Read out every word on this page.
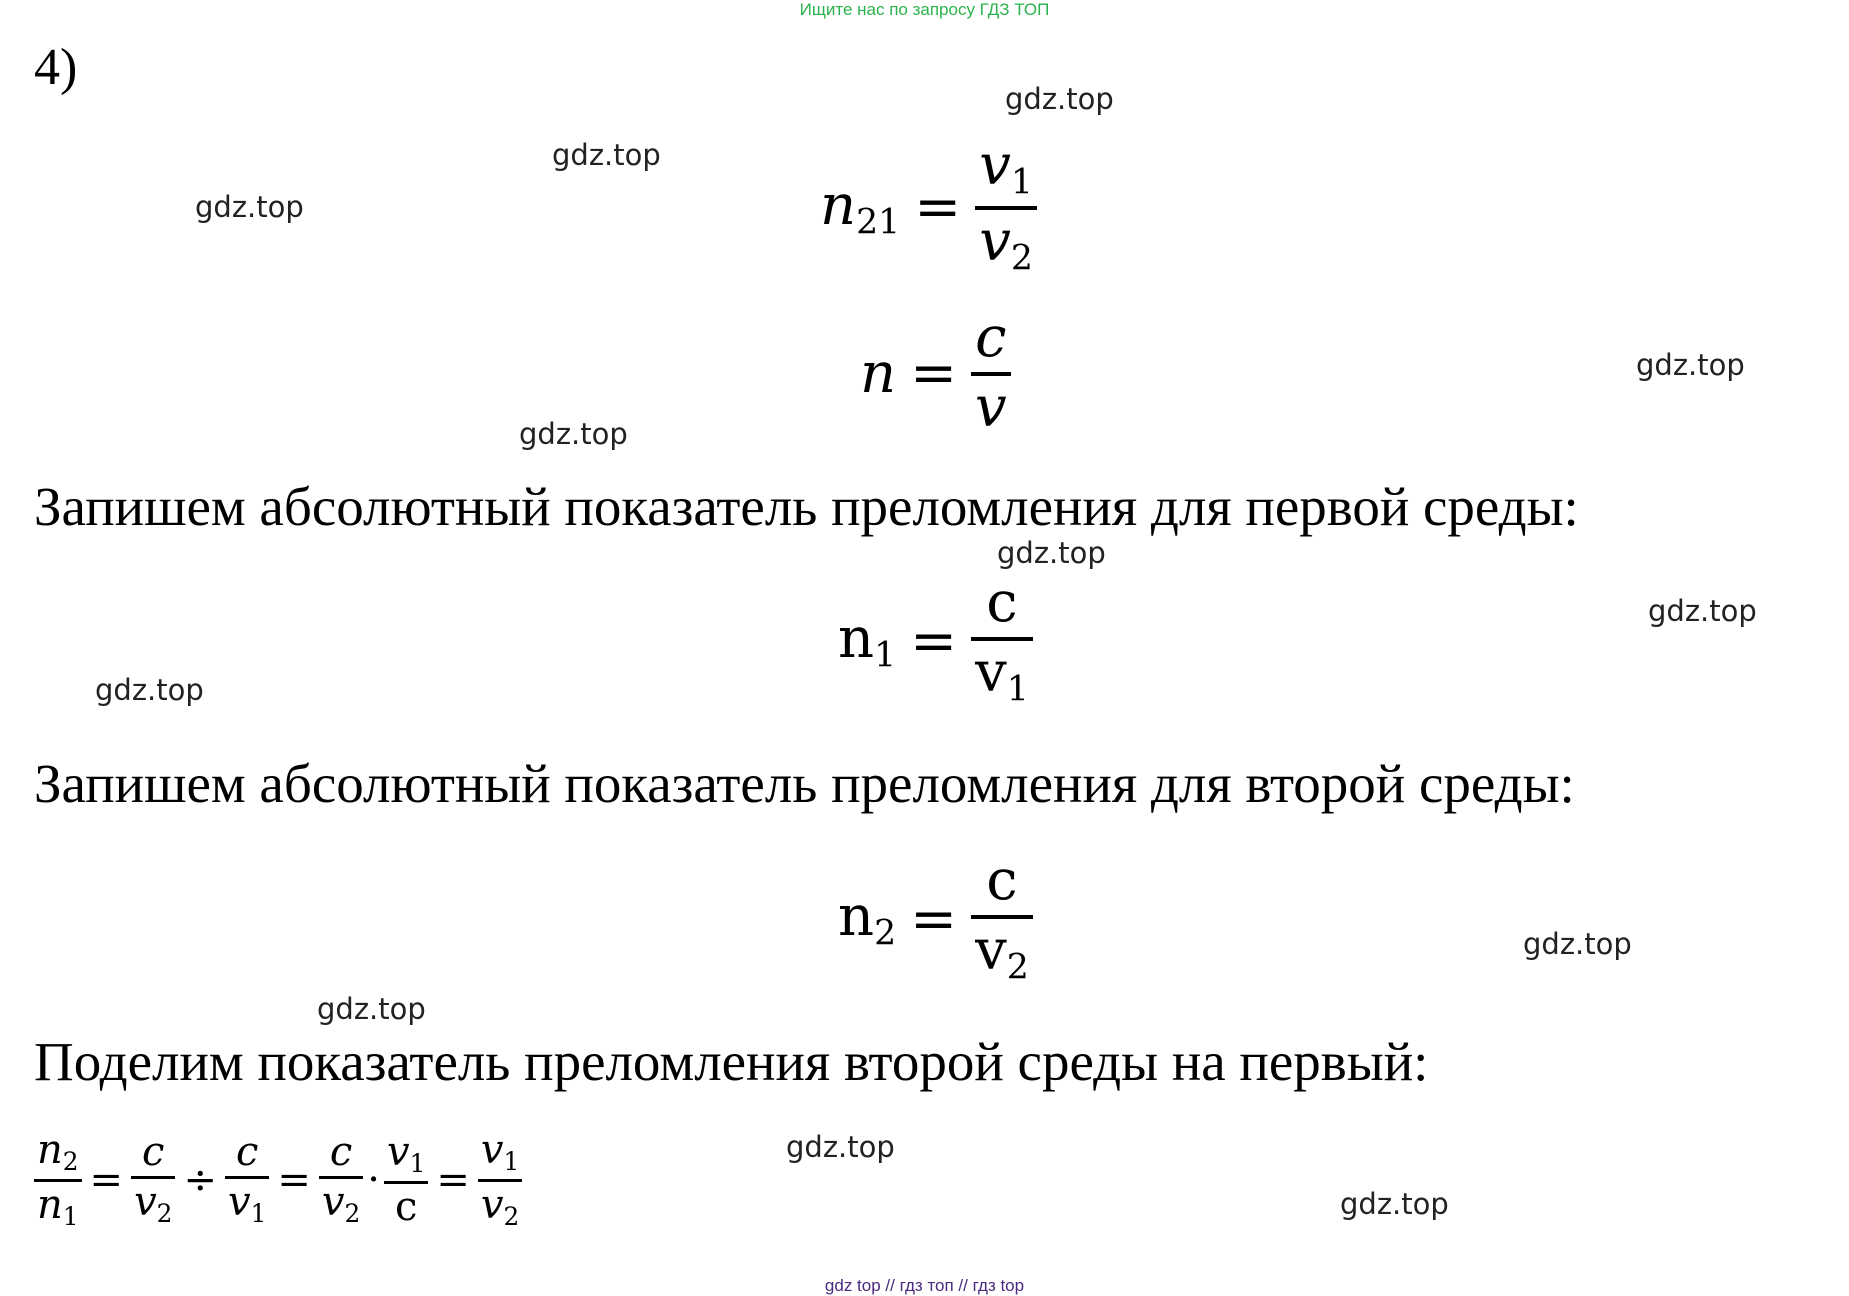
Ищите нас по запросу ГДЗ ТОП
4)
gdz.top
gdz.top
gdz.top
gdz.top
gdz.top
gdz.top
gdz.top
gdz.top
gdz.top
gdz.top
gdz.top
gdz.top
$n_{21} = \frac{v_1}{v_2}$
$n = \frac{c}{v}$
Запишем абсолютный показатель преломления для первой среды:
$n_1 = \frac{c}{v_1}$
Запишем абсолютный показатель преломления для второй среды:
$n_2 = \frac{c}{v_2}$
Поделим показатель преломления второй среды на первый:
$\frac{n_2}{n_1} = \frac{c}{v_2} \div \frac{c}{v_1} = \frac{c}{v_2} \cdot \frac{v_1}{c} = \frac{v_1}{v_2}$
gdz top // гдз топ // гдз top
